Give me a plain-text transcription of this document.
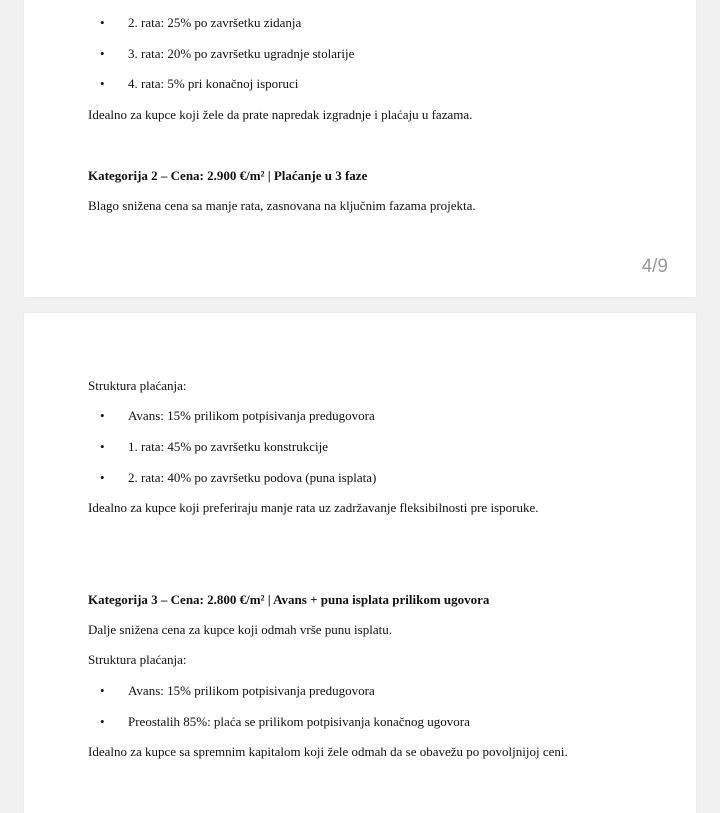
• 2. rata: 25% po završetku zidanja
• 3. rata: 20% po završetku ugradnje stolarije
• 4. rata: 5% pri konačnoj isporuci
Idealno za kupce koji žele da prate napredak izgradnje i plaćaju u fazama.
Kategorija 2 – Cena: 2.900 €/m² | Plaćanje u 3 faze
Blago snižena cena sa manje rata, zasnovana na ključnim fazama projekta.
4/9
Struktura plaćanja:
• Avans: 15% prilikom potpisivanja predugovora
• 1. rata: 45% po završetku konstrukcije
• 2. rata: 40% po završetku podova (puna isplata)
Idealno za kupce koji preferiraju manje rata uz zadržavanje fleksibilnosti pre isporuke.
Kategorija 3 – Cena: 2.800 €/m² | Avans + puna isplata prilikom ugovora
Dalje snižena cena za kupce koji odmah vrše punu isplatu.
Struktura plaćanja:
• Avans: 15% prilikom potpisivanja predugovora
• Preostalih 85%: plaća se prilikom potpisivanja konačnog ugovora
Idealno za kupce sa spremnim kapitalom koji žele odmah da se obavežu po povoljnijoj ceni.
